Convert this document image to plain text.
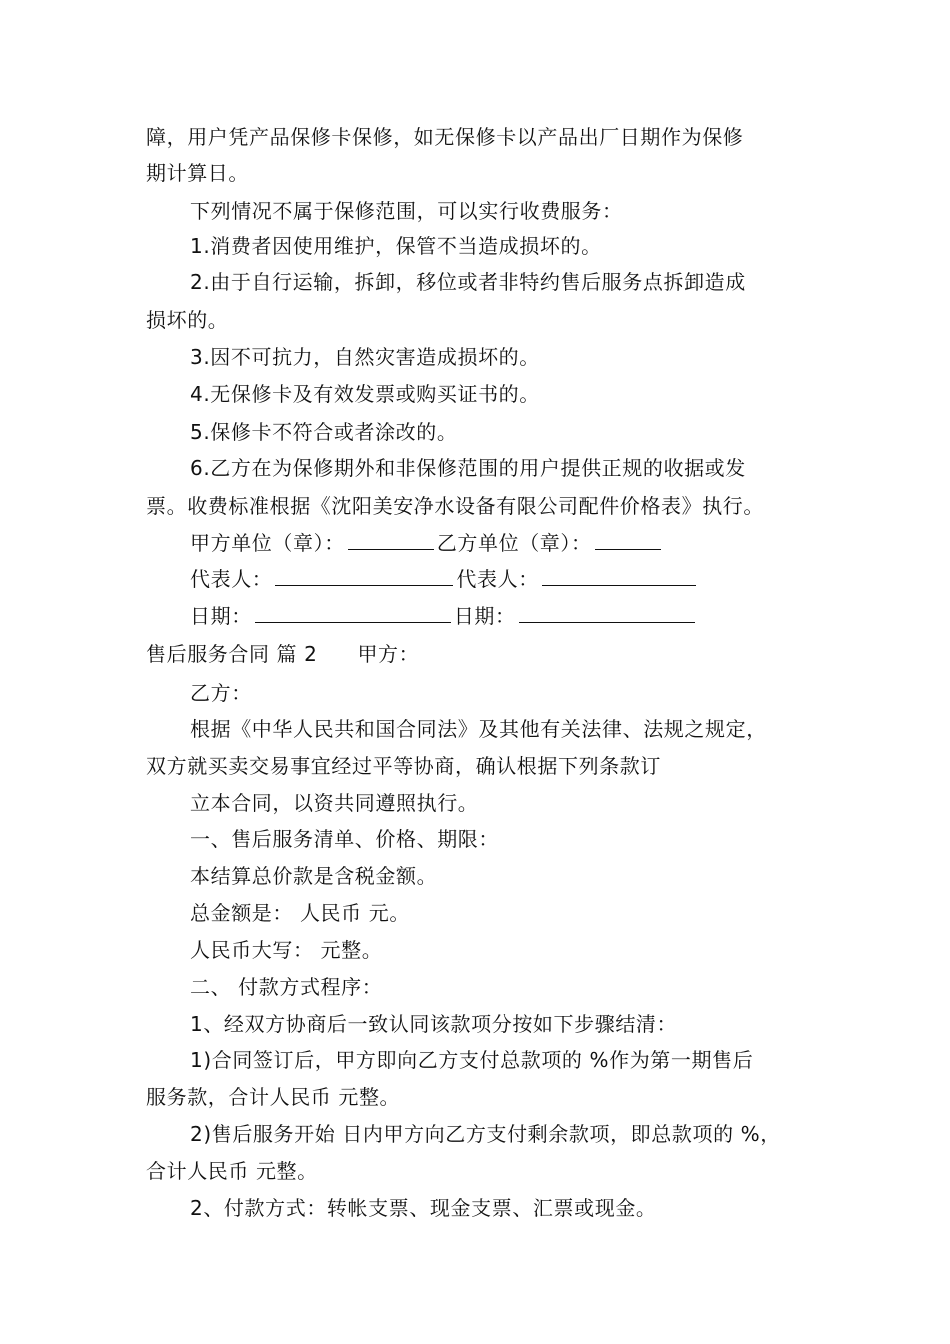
障，用户凭产品保修卡保修，如无保修卡以产品出厂日期作为保修
期计算日。
下列情况不属于保修范围，可以实行收费服务：
1.消费者因使用维护，保管不当造成损坏的。
2.由于自行运输，拆卸，移位或者非特约售后服务点拆卸造成
损坏的。
3.因不可抗力，自然灾害造成损坏的。
4.无保修卡及有效发票或购买证书的。
5.保修卡不符合或者涂改的。
6.乙方在为保修期外和非保修范围的用户提供正规的收据或发
票。收费标准根据《沈阳美安净水设备有限公司配件价格表》执行。
甲方单位（章）：	乙方单位（章）：
代表人：	代表人：
日期：	日期：
售后服务合同 篇 2 甲方：
乙方：
根据《中华人民共和国合同法》及其他有关法律、法规之规定，
双方就买卖交易事宜经过平等协商，确认根据下列条款订
立本合同，以资共同遵照执行。
一、售后服务清单、价格、期限：
本结算总价款是含税金额。
总金额是： 人民币 元。
人民币大写： 元整。
二、 付款方式程序：
1、经双方协商后一致认同该款项分按如下步骤结清：
1)合同签订后，甲方即向乙方支付总款项的 %作为第一期售后
服务款，合计人民币 元整。
2)售后服务开始 日内甲方向乙方支付剩余款项，即总款项的 %，
合计人民币 元整。
2、付款方式：转帐支票、现金支票、汇票或现金。
